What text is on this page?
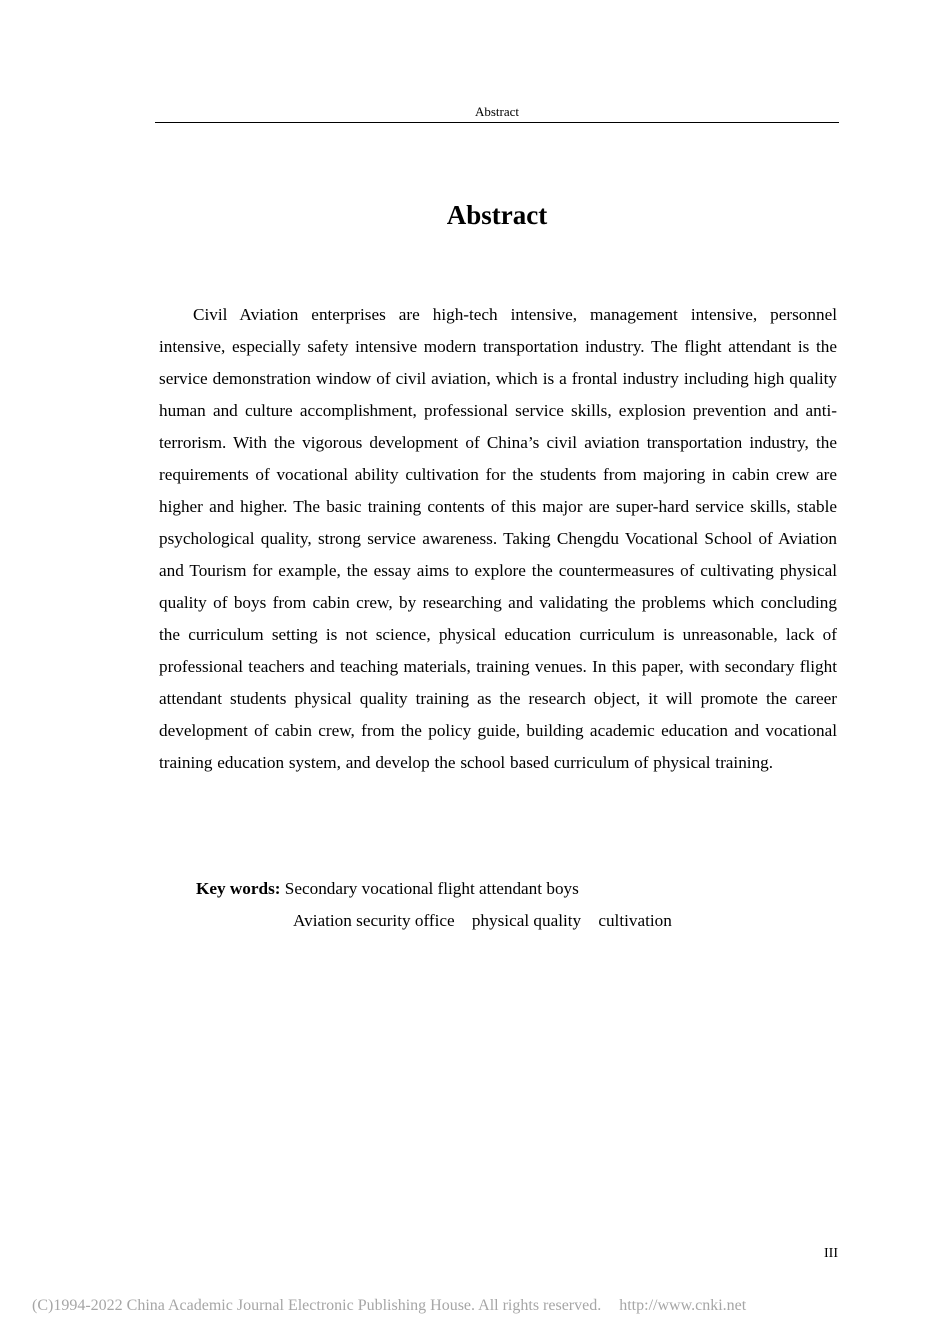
Abstract
Abstract

Civil Aviation enterprises are high-tech intensive, management intensive, personnel intensive, especially safety intensive modern transportation industry. The flight attendant is the service demonstration window of civil aviation, which is a frontal industry including high quality human and culture accomplishment, professional service skills, explosion prevention and anti-terrorism. With the vigorous development of China’s civil aviation transportation industry, the requirements of vocational ability cultivation for the students from majoring in cabin crew are higher and higher. The basic training contents of this major are super-hard service skills, stable psychological quality, strong service awareness. Taking Chengdu Vocational School of Aviation and Tourism for example, the essay aims to explore the countermeasures of cultivating physical quality of boys from cabin crew, by researching and validating the problems which concluding the curriculum setting is not science, physical education curriculum is unreasonable, lack of professional teachers and teaching materials, training venues. In this paper, with secondary flight attendant students physical quality training as the research object, it will promote the career development of cabin crew, from the policy guide, building academic education and vocational training education system, and develop the school based curriculum of physical training.

Key words: Secondary vocational flight attendant boys
Aviation security office    physical quality    cultivation
III
(C)1994-2022 China Academic Journal Electronic Publishing House. All rights reserved. http://www.cnki.net
